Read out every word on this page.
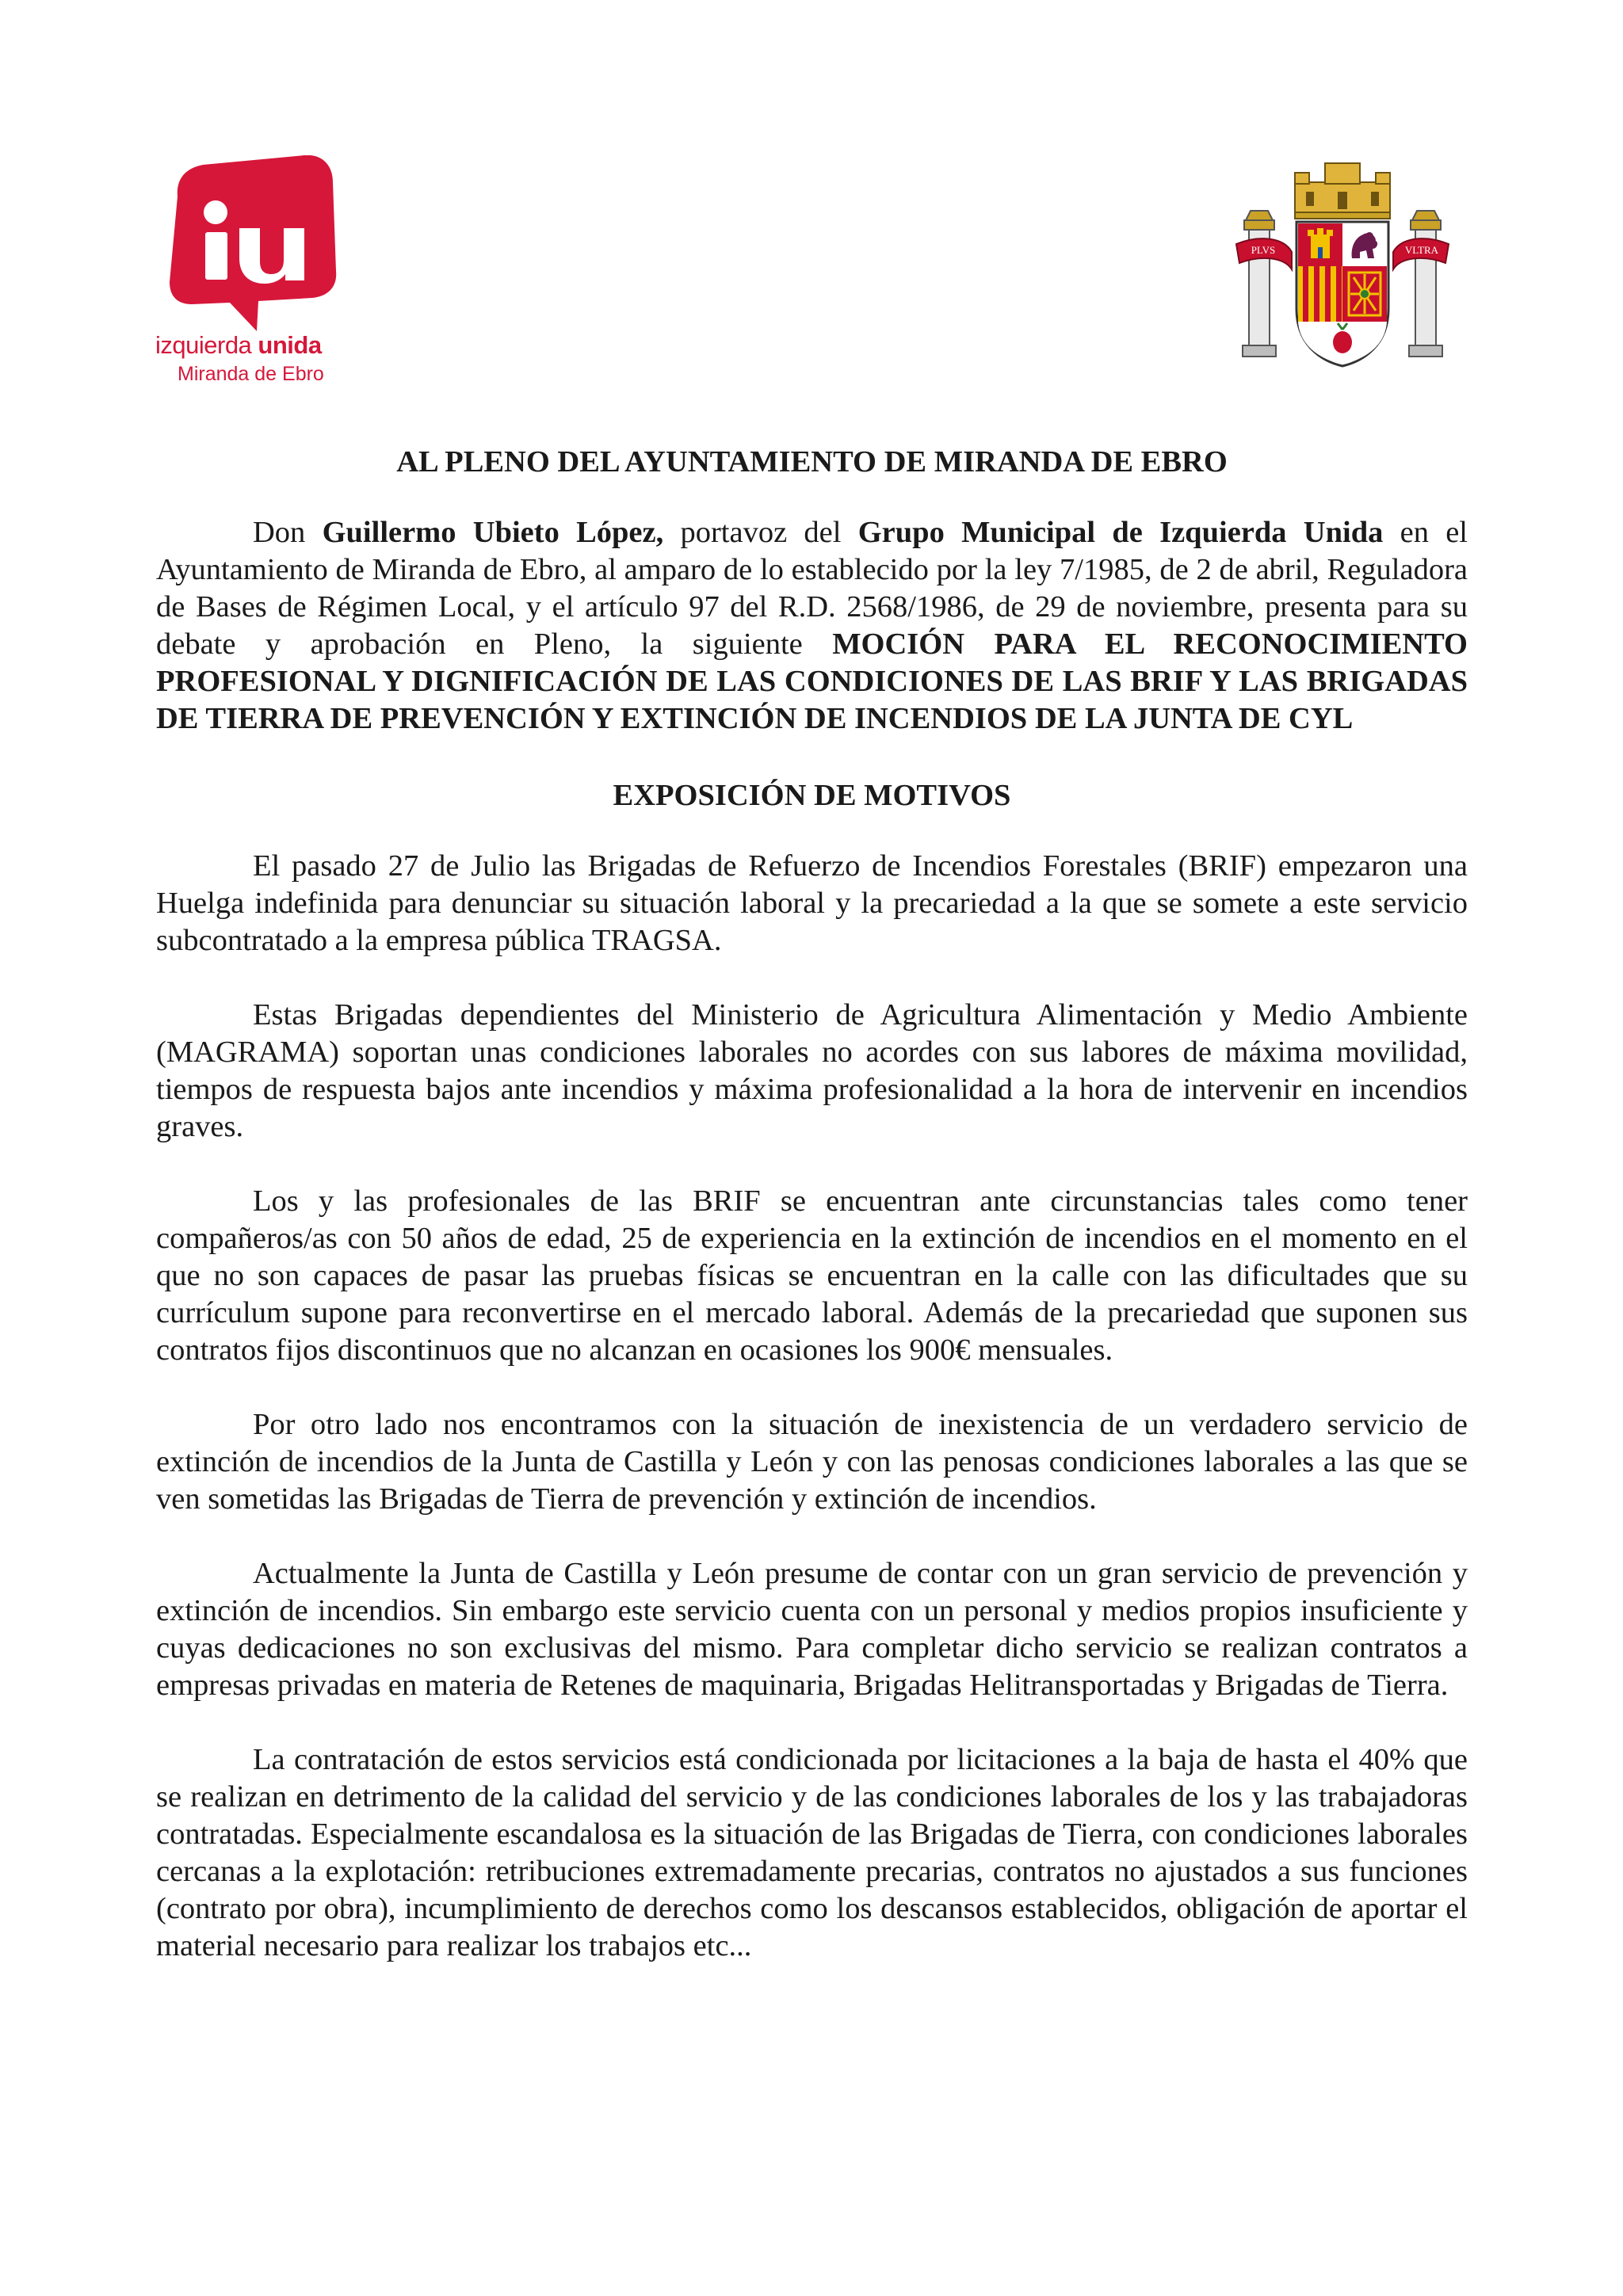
izquierda unida
Miranda de Ebro
PLVS	VLTRA

AL PLENO DEL AYUNTAMIENTO DE MIRANDA DE EBRO

Don Guillermo Ubieto López, portavoz del Grupo Municipal de Izquierda Unida en el Ayuntamiento de Miranda de Ebro, al amparo de lo establecido por la ley 7/1985, de 2 de abril, Reguladora de Bases de Régimen Local, y el artículo 97 del R.D. 2568/1986, de 29 de noviembre, presenta para su debate y aprobación en Pleno, la siguiente MOCIÓN PARA EL RECONOCIMIENTO PROFESIONAL Y DIGNIFICACIÓN DE LAS CONDICIONES DE LAS BRIF Y LAS BRIGADAS DE TIERRA DE PREVENCIÓN Y EXTINCIÓN DE INCENDIOS DE LA JUNTA DE CYL

EXPOSICIÓN DE MOTIVOS

El pasado 27 de Julio las Brigadas de Refuerzo de Incendios Forestales (BRIF) empezaron una Huelga indefinida para denunciar su situación laboral y la precariedad a la que se somete a este servicio subcontratado a la empresa pública TRAGSA.

Estas Brigadas dependientes del Ministerio de Agricultura Alimentación y Medio Ambiente (MAGRAMA) soportan unas condiciones laborales no acordes con sus labores de máxima movilidad, tiempos de respuesta bajos ante incendios y máxima profesionalidad a la hora de intervenir en incendios graves.

Los y las profesionales de las BRIF se encuentran ante circunstancias tales como tener compañeros/as con 50 años de edad, 25 de experiencia en la extinción de incendios en el momento en el que no son capaces de pasar las pruebas físicas se encuentran en la calle con las dificultades que su currículum supone para reconvertirse en el mercado laboral. Además de la precariedad que suponen sus contratos fijos discontinuos que no alcanzan en ocasiones los 900€ mensuales.

Por otro lado nos encontramos con la situación de inexistencia de un verdadero servicio de extinción de incendios de la Junta de Castilla y León y con las penosas condiciones laborales a las que se ven sometidas las Brigadas de Tierra de prevención y extinción de incendios.

Actualmente la Junta de Castilla y León presume de contar con un gran servicio de prevención y extinción de incendios. Sin embargo este servicio cuenta con un personal y medios propios insuficiente y cuyas dedicaciones no son exclusivas del mismo. Para completar dicho servicio se realizan contratos a empresas privadas en materia de Retenes de maquinaria, Brigadas Helitransportadas y Brigadas de Tierra.

La contratación de estos servicios está condicionada por licitaciones a la baja de hasta el 40% que se realizan en detrimento de la calidad del servicio y de las condiciones laborales de los y las trabajadoras contratadas. Especialmente escandalosa es la situación de las Brigadas de Tierra, con condiciones laborales cercanas a la explotación: retribuciones extremadamente precarias, contratos no ajustados a sus funciones (contrato por obra), incumplimiento de derechos como los descansos establecidos, obligación de aportar el material necesario para realizar los trabajos etc...
